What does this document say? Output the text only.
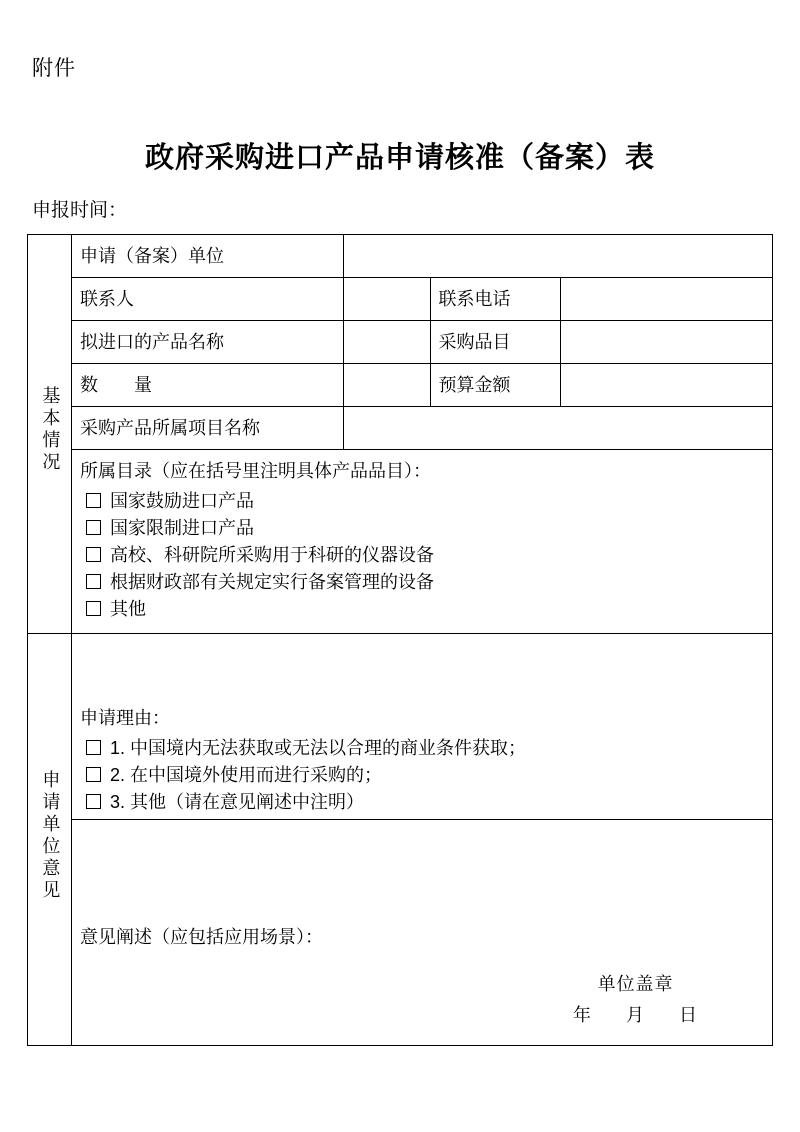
附件
政府采购进口产品申请核准（备案）表
申报时间：
基本情况	申请（备案）单位			
	联系人		联系电话	
	拟进口的产品名称		采购品目	
	数　　量		预算金额	
	采购产品所属项目名称			

所属目录（应在括号里注明具体产品品目）：
国家鼓励进口产品
国家限制进口产品
高校、科研院所采购用于科研的仪器设备
根据财政部有关规定实行备案管理的设备
其他

申请单位意见	申请理由：
1. 中国境内无法获取或无法以合理的商业条件获取；
2. 在中国境外使用而进行采购的；
3. 其他（请在意见阐述中注明）			

	意见阐述（应包括应用场景）：
单位盖章
年 月 日			
